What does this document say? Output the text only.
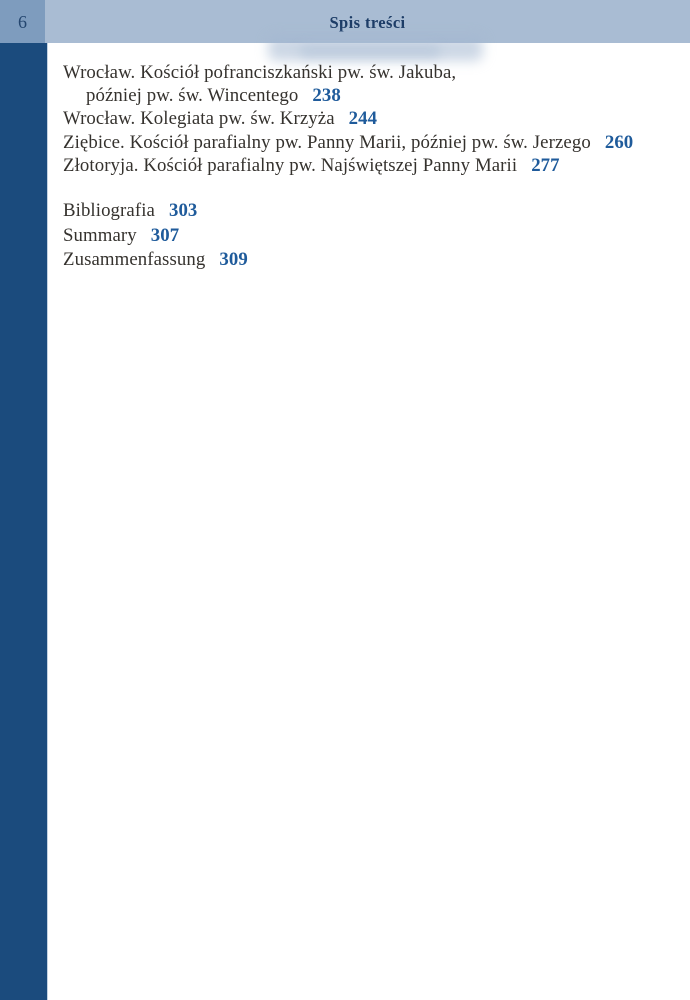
6	Spis treści
Wrocław. Kościół pofranciszkański pw. św. Jakuba,
później pw. św. Wincentego 238
Wrocław. Kolegiata pw. św. Krzyża 244
Ziębice. Kościół parafialny pw. Panny Marii, później pw. św. Jerzego 260
Złotoryja. Kościół parafialny pw. Najświętszej Panny Marii 277
Bibliografia 303
Summary 307
Zusammenfassung 309
